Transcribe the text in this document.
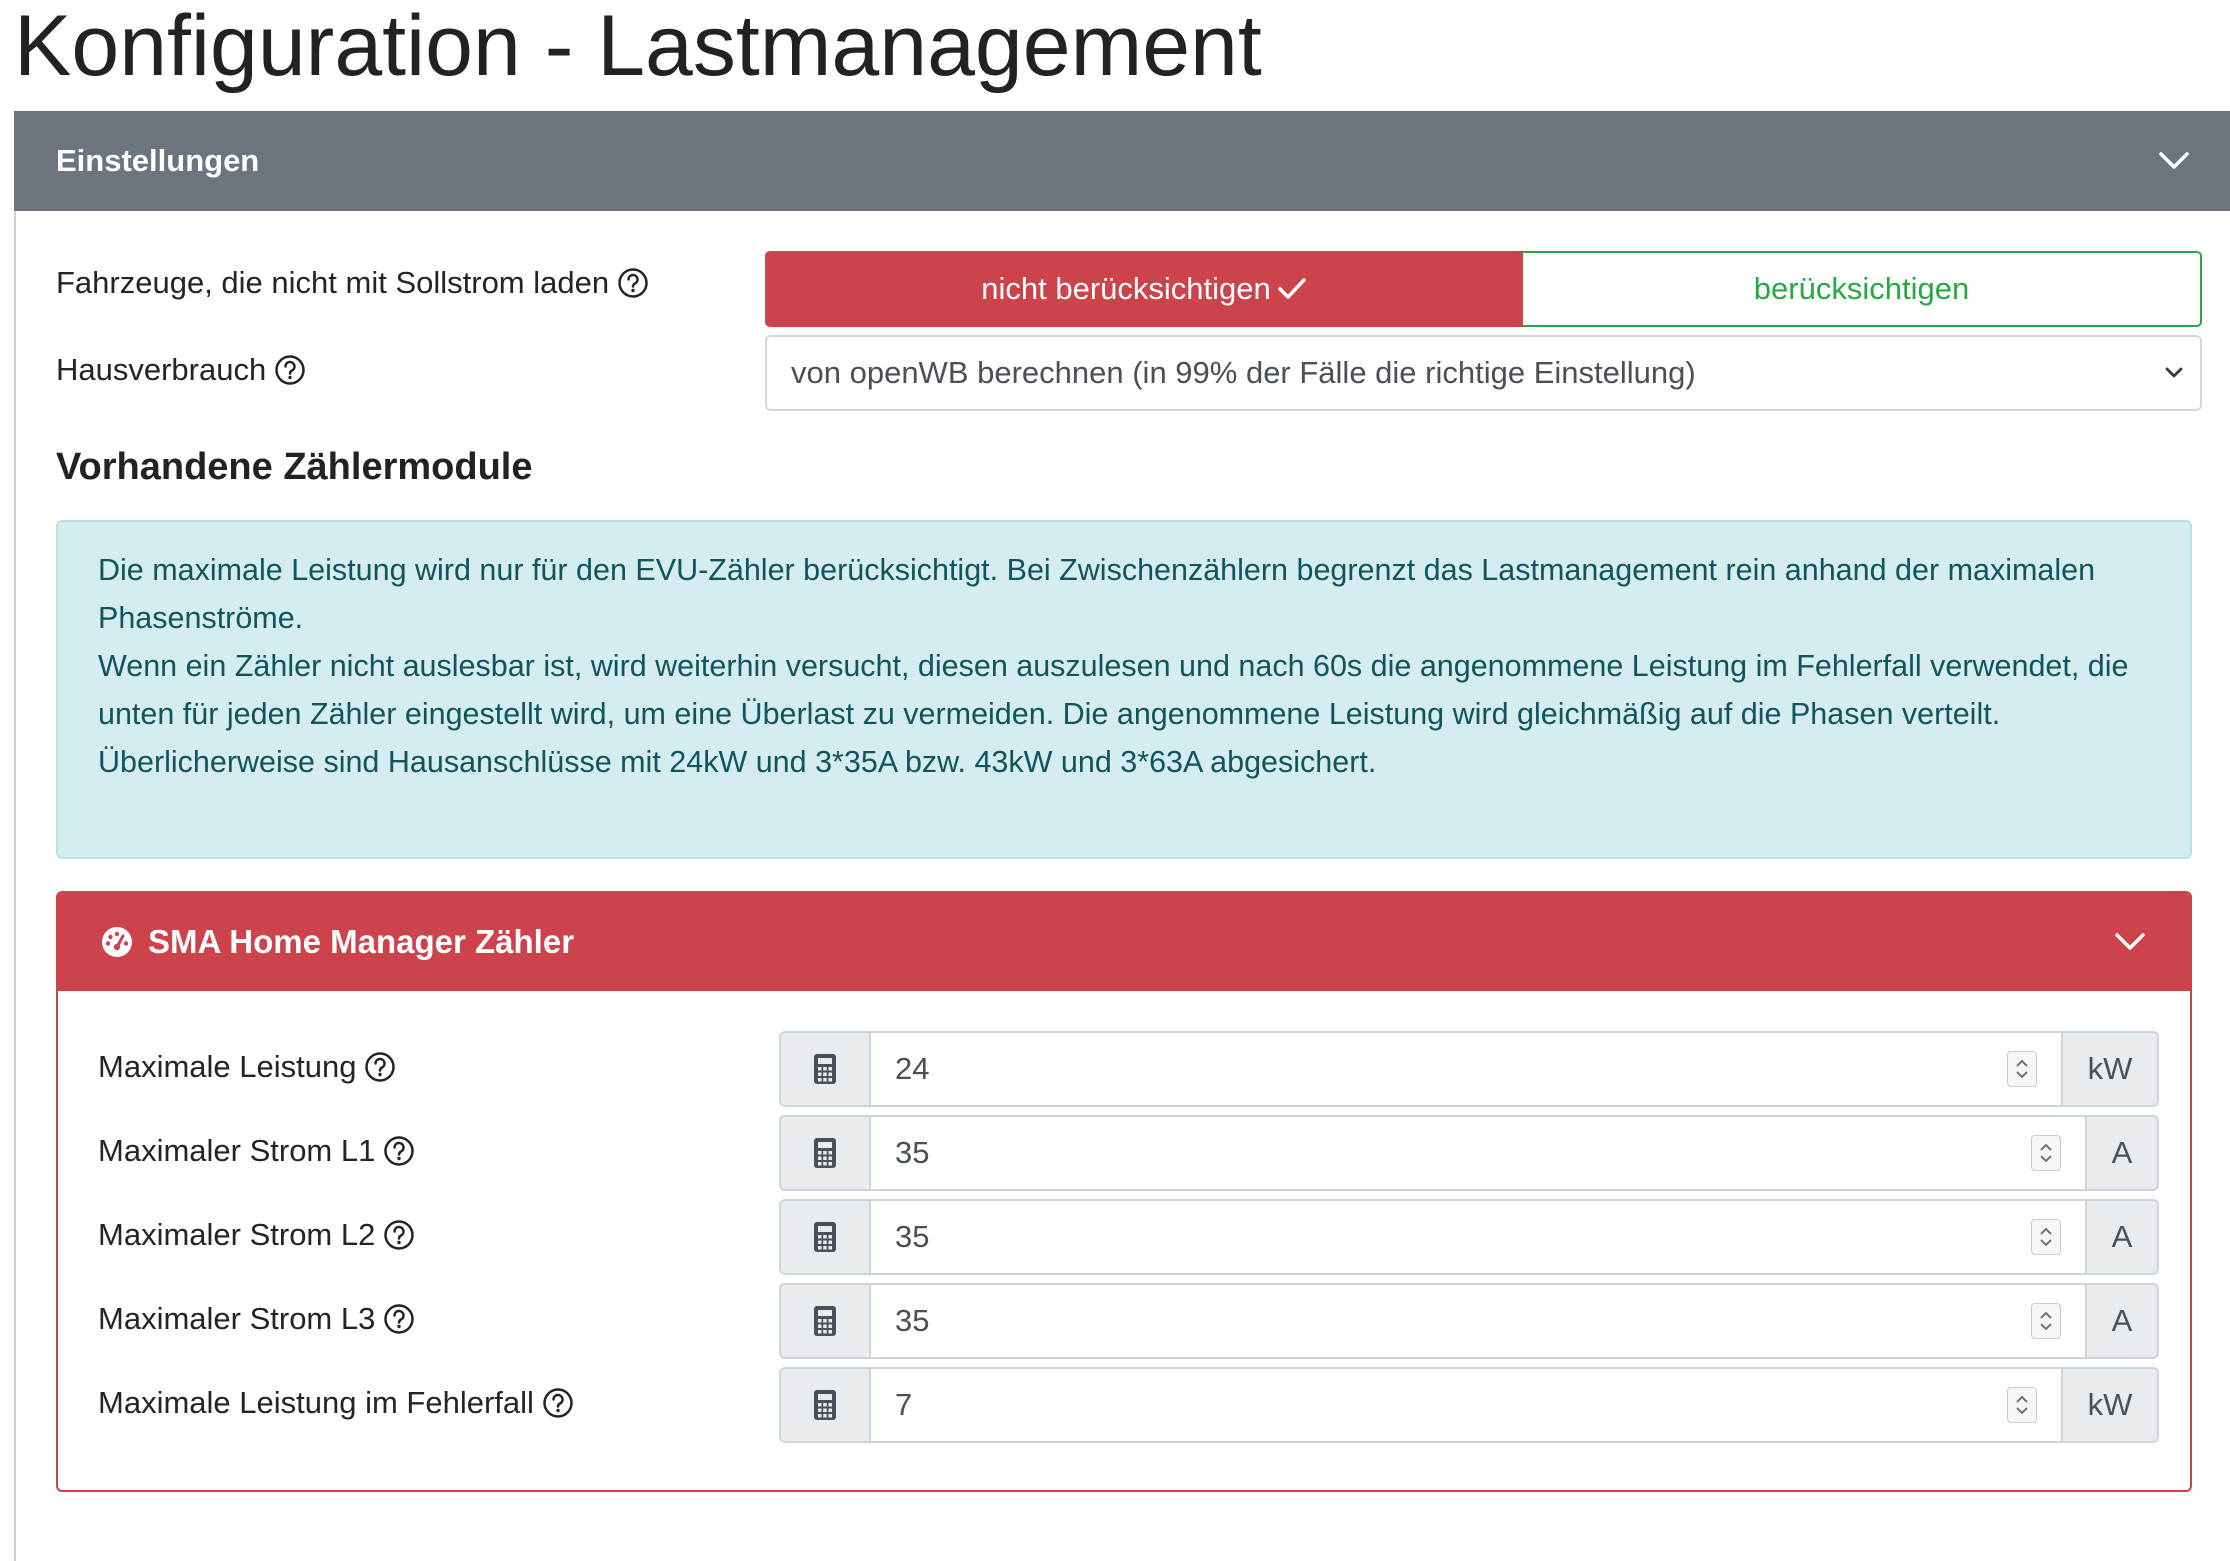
Konfiguration - Lastmanagement
Einstellungen
Fahrzeuge, die nicht mit Sollstrom laden	nicht berücksichtigen	berücksichtigen
Hausverbrauch	von openWB berechnen (in 99% der Fälle die richtige Einstellung)
Vorhandene Zählermodule

Die maximale Leistung wird nur für den EVU-Zähler berücksichtigt. Bei Zwischenzählern begrenzt das Lastmanagement rein anhand der maximalen Phasenströme.

Wenn ein Zähler nicht auslesbar ist, wird weiterhin versucht, diesen auszulesen und nach 60s die angenommene Leistung im Fehlerfall verwendet, die unten für jeden Zähler eingestellt wird, um eine Überlast zu vermeiden. Die angenommene Leistung wird gleichmäßig auf die Phasen verteilt.

Überlicherweise sind Hausanschlüsse mit 24kW und 3*35A bzw. 43kW und 3*63A abgesichert.

SMA Home Manager Zähler
Maximale Leistung	24	kW
Maximaler Strom L1	35	A
Maximaler Strom L2	35	A
Maximaler Strom L3	35	A
Maximale Leistung im Fehlerfall	7	kW
